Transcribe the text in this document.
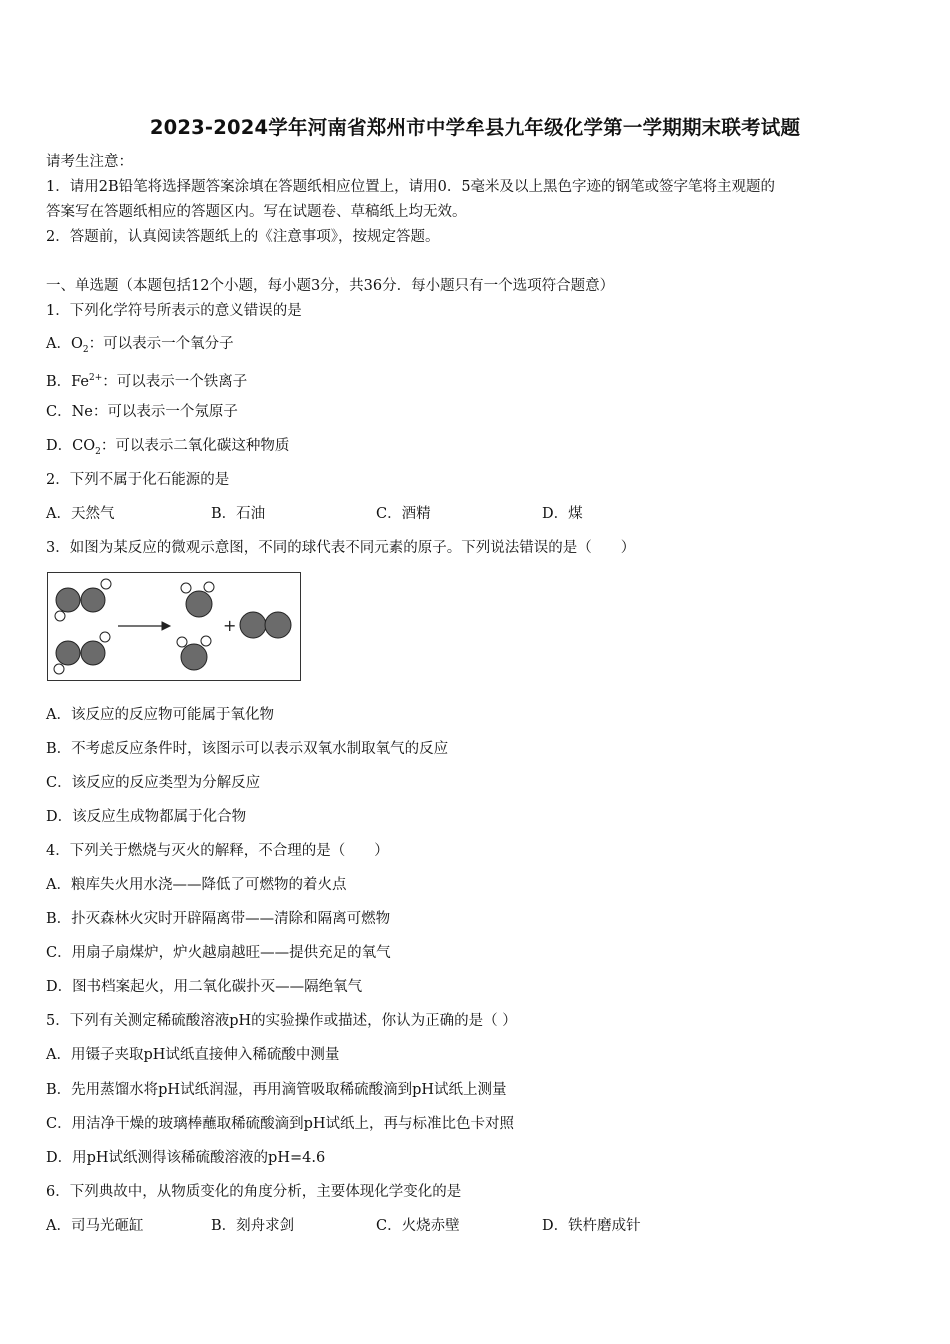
2023-2024学年河南省郑州市中学牟县九年级化学第一学期期末联考试题
请考生注意：
1．请用2B铅笔将选择题答案涂填在答题纸相应位置上，请用0．5毫米及以上黑色字迹的钢笔或签字笔将主观题的
答案写在答题纸相应的答题区内。写在试题卷、草稿纸上均无效。
2．答题前，认真阅读答题纸上的《注意事项》，按规定答题。
一、单选题（本题包括12个小题，每小题3分，共36分．每小题只有一个选项符合题意）
1．下列化学符号所表示的意义错误的是
A．$O_2$：可以表示一个氧分子
B．$Fe^{2+}$：可以表示一个铁离子
C．Ne：可以表示一个氖原子
D．$CO_2$：可以表示二氧化碳这种物质
2．下列不属于化石能源的是
A．天然气	B．石油	C．酒精	D．煤
3．如图为某反应的微观示意图，不同的球代表不同元素的原子。下列说法错误的是（　　）
+
A．该反应的反应物可能属于氧化物
B．不考虑反应条件时，该图示可以表示双氧水制取氧气的反应
C．该反应的反应类型为分解反应
D．该反应生成物都属于化合物
4．下列关于燃烧与灭火的解释，不合理的是（　　）
A．粮库失火用水浇——降低了可燃物的着火点
B．扑灭森林火灾时开辟隔离带——清除和隔离可燃物
C．用扇子扇煤炉，炉火越扇越旺——提供充足的氧气
D．图书档案起火，用二氧化碳扑灭——隔绝氧气
5．下列有关测定稀硫酸溶液pH的实验操作或描述，你认为正确的是（ ）
A．用镊子夹取pH试纸直接伸入稀硫酸中测量
B．先用蒸馏水将pH试纸润湿，再用滴管吸取稀硫酸滴到pH试纸上测量
C．用洁净干燥的玻璃棒蘸取稀硫酸滴到pH试纸上，再与标准比色卡对照
D．用pH试纸测得该稀硫酸溶液的pH=4.6
6．下列典故中，从物质变化的角度分析，主要体现化学变化的是
A．司马光砸缸	B．刻舟求剑	C．火烧赤壁	D．铁杵磨成针
